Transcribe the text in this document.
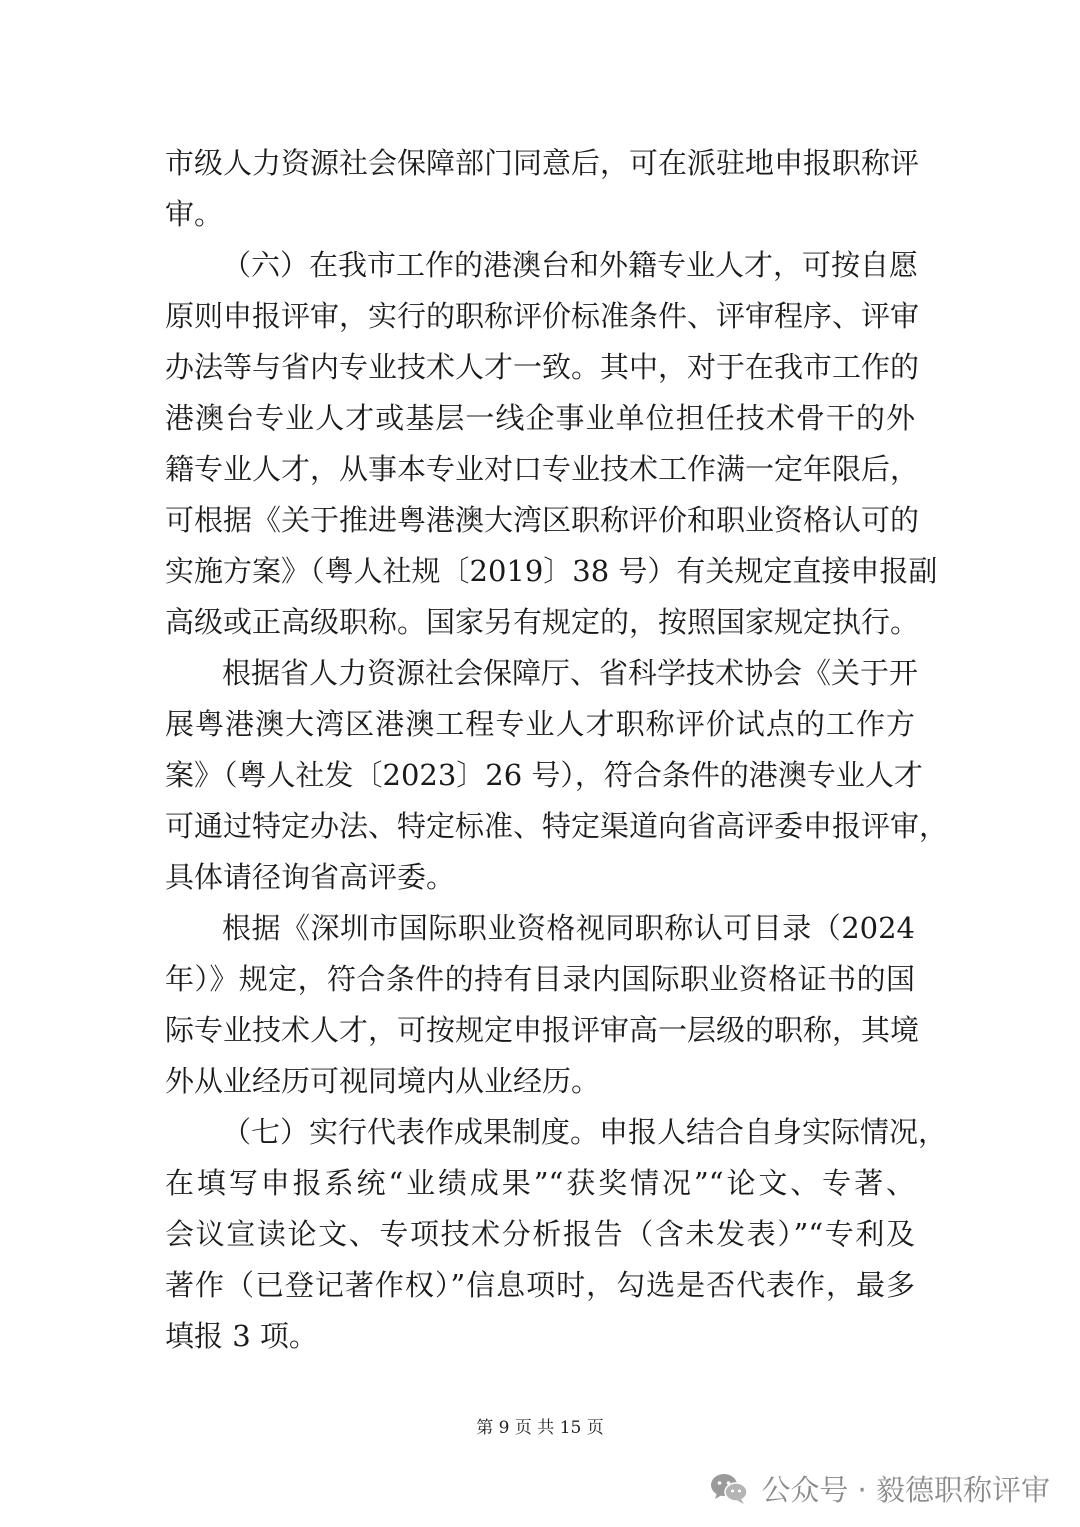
市级人力资源社会保障部门同意后，可在派驻地申报职称评
审。
（六）在我市工作的港澳台和外籍专业人才，可按自愿
原则申报评审，实行的职称评价标准条件、评审程序、评审
办法等与省内专业技术人才一致。其中，对于在我市工作的
港澳台专业人才或基层一线企事业单位担任技术骨干的外
籍专业人才，从事本专业对口专业技术工作满一定年限后，
可根据《关于推进粤港澳大湾区职称评价和职业资格认可的
实施方案》（粤人社规〔2019〕38 号）有关规定直接申报副
高级或正高级职称。国家另有规定的，按照国家规定执行。
根据省人力资源社会保障厅、省科学技术协会《关于开
展粤港澳大湾区港澳工程专业人才职称评价试点的工作方
案》（粤人社发〔2023〕26 号），符合条件的港澳专业人才
可通过特定办法、特定标准、特定渠道向省高评委申报评审，
具体请径询省高评委。
根据《深圳市国际职业资格视同职称认可目录（2024
年）》规定，符合条件的持有目录内国际职业资格证书的国
际专业技术人才，可按规定申报评审高一层级的职称，其境
外从业经历可视同境内从业经历。
（七）实行代表作成果制度。申报人结合自身实际情况，
在填写申报系统“业绩成果”“获奖情况”“论文、专著、
会议宣读论文、专项技术分析报告（含未发表）”“专利及
著作（已登记著作权）”信息项时，勾选是否代表作，最多
填报 3 项。
第 9 页 共 15 页
公众号 · 毅德职称评审
